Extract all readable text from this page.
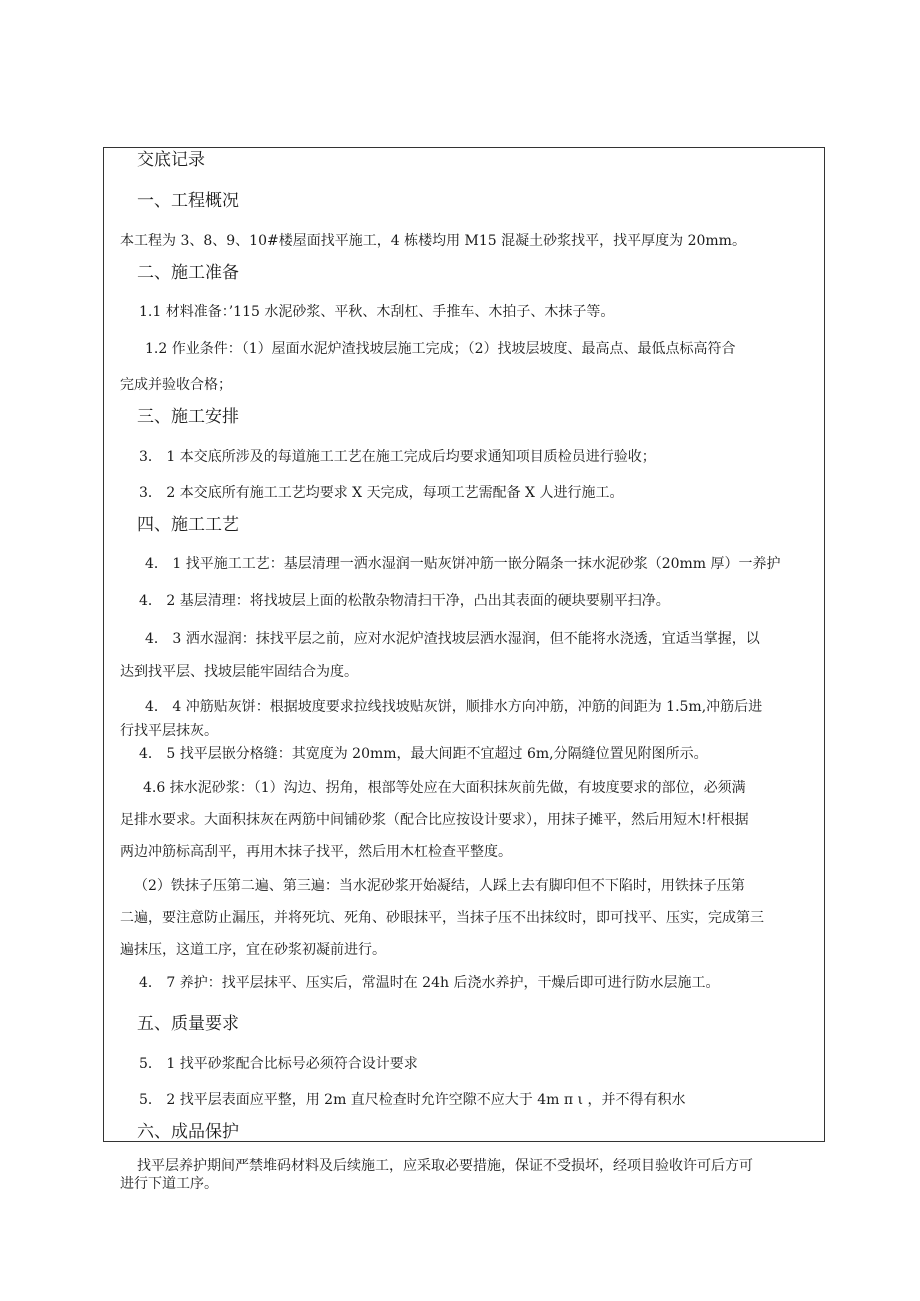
交底记录
一、工程概况
本工程为 3、8、9、10#楼屋面找平施工，4 栋楼均用 M15 混凝土砂浆找平，找平厚度为 20mm。
二、施工准备
1.1 材料准备：’115 水泥砂浆、平秋、木刮杠、手推车、木拍子、木抹子等。
1.2 作业条件：（1）屋面水泥炉渣找坡层施工完成；（2）找坡层坡度、最高点、最低点标高符合
完成并验收合格；
三、施工安排
3． 1 本交底所涉及的每道施工工艺在施工完成后均要求通知项目质检员进行验收；
3． 2 本交底所有施工工艺均要求 X 天完成，每项工艺需配备 X 人进行施工。
四、施工工艺
4． 1 找平施工工艺：基层清理一洒水湿润一贴灰饼冲筋一嵌分隔条一抹水泥砂浆（20mm 厚）一养护
4． 2 基层清理：将找坡层上面的松散杂物清扫干净，凸出其表面的硬块要剔平扫净。
4． 3 洒水湿润：抹找平层之前，应对水泥炉渣找坡层洒水湿润，但不能将水浇透，宜适当掌握，以
达到找平层、找坡层能牢固结合为度。
4． 4 冲筋贴灰饼：根据坡度要求拉线找坡贴灰饼，顺排水方向冲筋，冲筋的间距为 1.5m,冲筋后进
行找平层抹灰。
4． 5 找平层嵌分格缝：其宽度为 20mm，最大间距不宜超过 6m,分隔缝位置见附图所示。
4.6 抹水泥砂浆：（1）沟边、拐角，根部等处应在大面积抹灰前先做，有坡度要求的部位，必须满
足排水要求。大面积抹灰在两筋中间铺砂浆（配合比应按设计要求），用抹子摊平，然后用短木!杆根据
两边冲筋标高刮平，再用木抹子找平，然后用木杠检查平整度。
（2）铁抹子压第二遍、第三遍：当水泥砂浆开始凝结，人踩上去有脚印但不下陷时，用铁抹子压第
二遍，要注意防止漏压，并将死坑、死角、砂眼抹平，当抹子压不出抹纹时，即可找平、压实，完成第三
遍抹压，这道工序，宜在砂浆初凝前进行。
4． 7 养护：找平层抹平、压实后，常温时在 24h 后浇水养护，干燥后即可进行防水层施工。
五、质量要求
5． 1 找平砂浆配合比标号必须符合设计要求
5． 2 找平层表面应平整，用 2m 直尺检查时允许空隙不应大于 4m π ι ，并不得有积水
六、成品保护
找平层养护期间严禁堆码材料及后续施工，应采取必要措施，保证不受损坏，经项目验收许可后方可
进行下道工序。
